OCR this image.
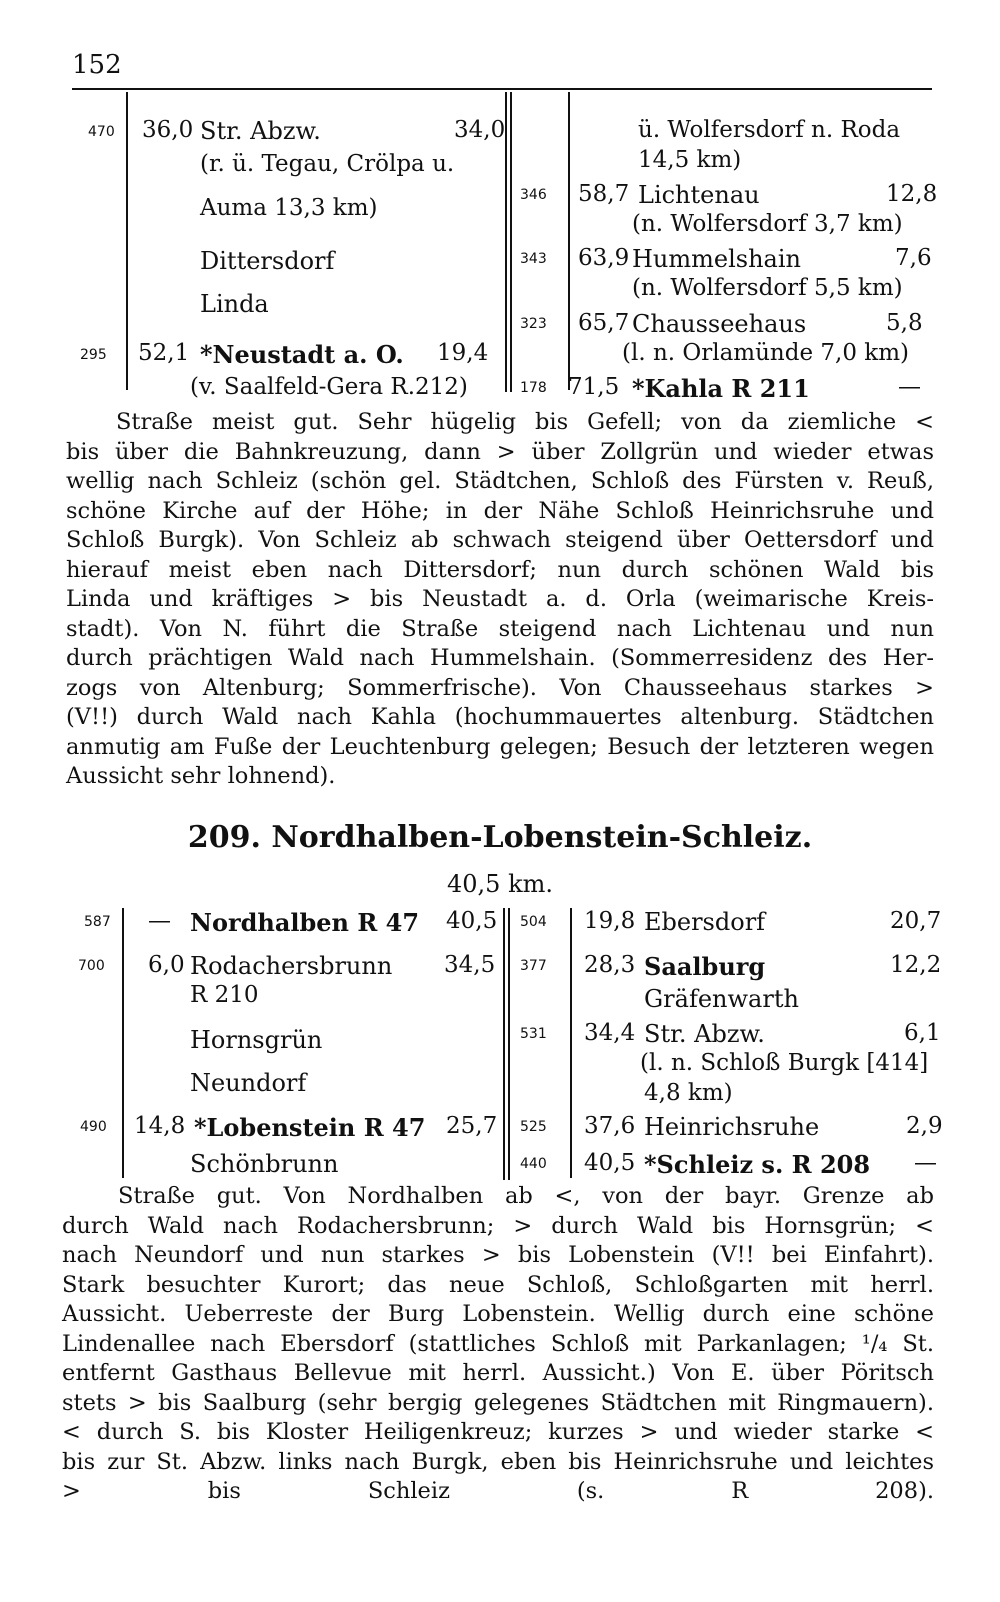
152
470 36,0 Str. Abzw.	34,0
(r. ü. Tegau, Crölpa u.
Auma 13,3 km)
Dittersdorf
Linda
295 52,1 *Neustadt a. O. 19,4
(v. Saalfeld-Gera R.212)
ü. Wolfersdorf n. Roda
14,5 km)
346 58,7 Lichtenau	12,8
(n. Wolfersdorf 3,7 km)
343 63,9 Hummelshain	7,6
(n. Wolfersdorf 5,5 km)
323 65,7 Chausseehaus	5,8
(l. n. Orlamünde 7,0 km)
178 71,5 *Kahla R 211	—
Straße meist gut. Sehr hügelig bis Gefell; von da ziemliche <
bis über die Bahnkreuzung, dann > über Zollgrün und wieder etwas
wellig nach Schleiz (schön gel. Städtchen, Schloß des Fürsten v. Reuß,
schöne Kirche auf der Höhe; in der Nähe Schloß Heinrichsruhe und
Schloß Burgk). Von Schleiz ab schwach steigend über Oettersdorf und
hierauf meist eben nach Dittersdorf; nun durch schönen Wald bis
Linda und kräftiges > bis Neustadt a. d. Orla (weimarische Kreis-
stadt). Von N. führt die Straße steigend nach Lichtenau und nun
durch prächtigen Wald nach Hummelshain. (Sommerresidenz des Her-
zogs von Altenburg; Sommerfrische). Von Chausseehaus starkes >
(V!!) durch Wald nach Kahla (hochummauertes altenburg. Städtchen
anmutig am Fuße der Leuchtenburg gelegen; Besuch der letzteren wegen
Aussicht sehr lohnend).
209. Nordhalben-Lobenstein-Schleiz.
40,5 km.
587 — Nordhalben R 47 40,5
700 6,0 Rodachersbrunn 34,5
R 210
Hornsgrün
Neundorf
490 14,8 *Lobenstein R 47 25,7
Schönbrunn
504 19,8 Ebersdorf	20,7
377 28,3 Saalburg	12,2
Gräfenwarth
531 34,4 Str. Abzw.	6,1
(l. n. Schloß Burgk [414]
4,8 km)
525 37,6 Heinrichsruhe	2,9
440 40,5 *Schleiz s. R 208 —
Straße gut. Von Nordhalben ab <, von der bayr. Grenze ab
durch Wald nach Rodachersbrunn; > durch Wald bis Hornsgrün; <
nach Neundorf und nun starkes > bis Lobenstein (V!! bei Einfahrt).
Stark besuchter Kurort; das neue Schloß, Schloßgarten mit herrl.
Aussicht. Ueberreste der Burg Lobenstein. Wellig durch eine schöne
Lindenallee nach Ebersdorf (stattliches Schloß mit Parkanlagen; ¹/₄ St.
entfernt Gasthaus Bellevue mit herrl. Aussicht.) Von E. über Pöritsch
stets > bis Saalburg (sehr bergig gelegenes Städtchen mit Ringmauern).
< durch S. bis Kloster Heiligenkreuz; kurzes > und wieder starke <
bis zur St. Abzw. links nach Burgk, eben bis Heinrichsruhe und leichtes
> bis Schleiz (s. R 208).
